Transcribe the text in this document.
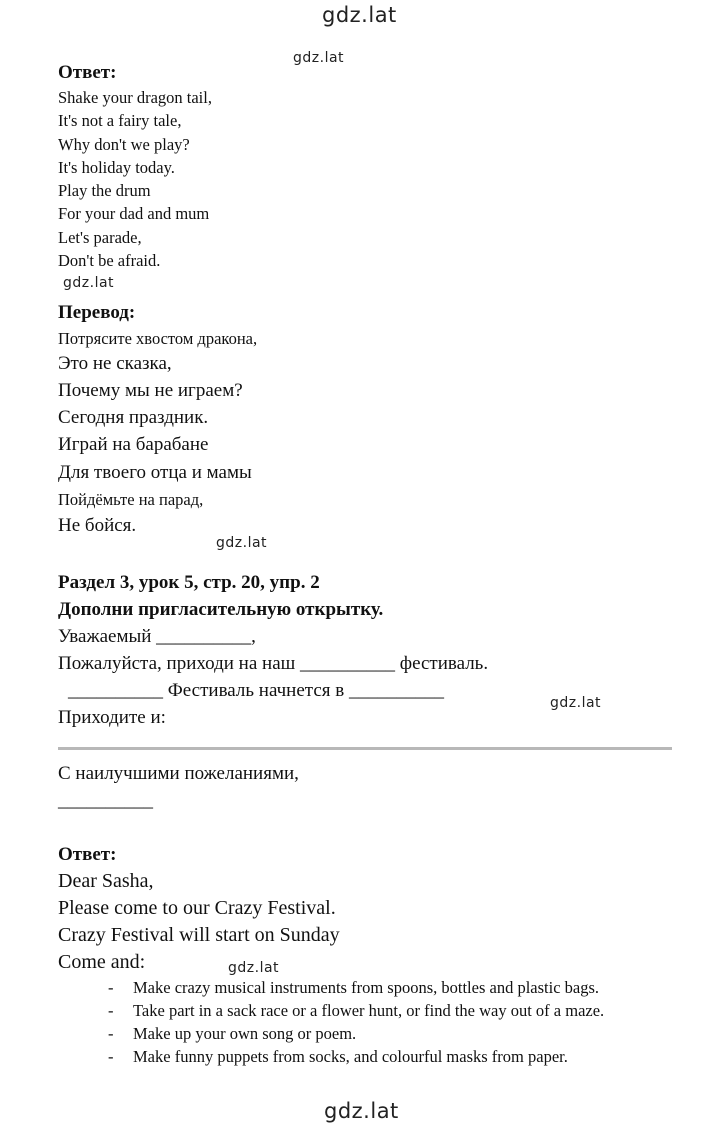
gdz.lat
gdz.lat
gdz.lat
gdz.lat
gdz.lat
gdz.lat
gdz.lat
Ответ:
Shake your dragon tail,
It's not a fairy tale,
Why don't we play?
It's holiday today.
Play the drum
For your dad and mum
Let's parade,
Don't be afraid.
Перевод:
Потрясите хвостом дракона,
Это не сказка,
Почему мы не играем?
Сегодня праздник.
Играй на барабане
Для твоего отца и мамы
Пойдёмьте на парад,
Не бойся.
Раздел 3, урок 5, стр. 20, упр. 2
Дополни пригласительную открытку.
Уважаемый __________,
Пожалуйста, приходи на наш __________ фестиваль.
__________ Фестиваль начнется в __________
Приходите и:
С наилучшими пожеланиями,
__________
Ответ:
Dear Sasha,
Please come to our Crazy Festival.
Crazy Festival will start on Sunday
Come and:
- Make crazy musical instruments from spoons, bottles and plastic bags.
- Take part in a sack race or a flower hunt, or find the way out of a maze.
- Make up your own song or poem.
- Make funny puppets from socks, and colourful masks from paper.
